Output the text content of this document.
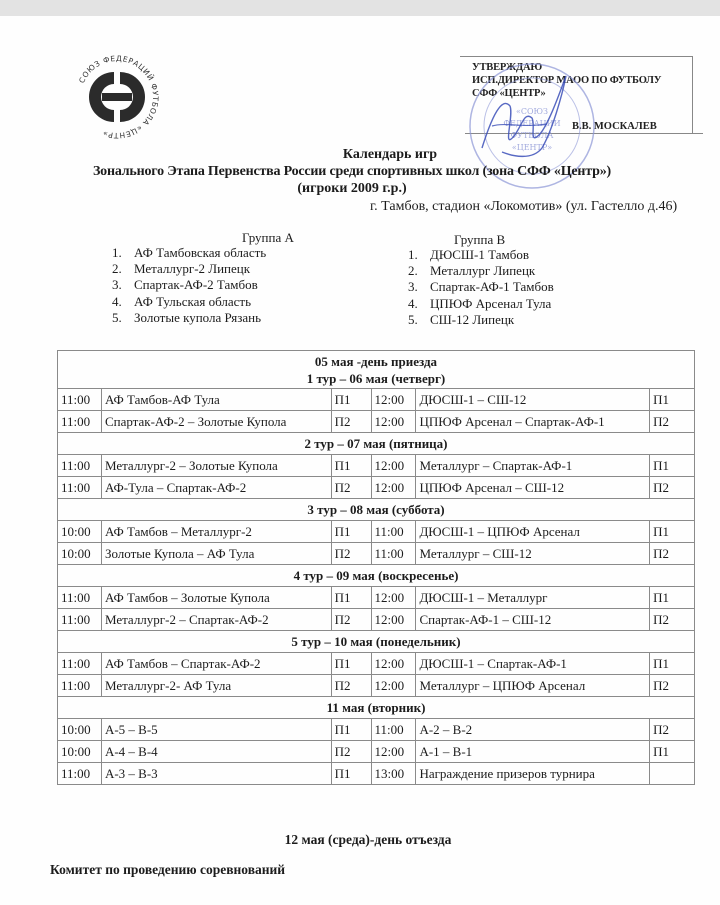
СОЮЗ ФЕДЕРАЦИЙ ФУТБОЛА «ЦЕНТР»
УТВЕРЖДАЮ
ИСП.ДИРЕКТОР МАОО ПО ФУТБОЛУ
СФФ «ЦЕНТР»
В.В. МОСКАЛЕВ
«СОЮЗ
ФЕДЕРАЦИЙ
ФУТБОЛА
«ЦЕНТР»
Календарь игр
Зонального Этапа Первенства России среди спортивных школ (зона СФФ «Центр»)
(игроки 2009 г.р.)
г. Тамбов, стадион «Локомотив» (ул. Гастелло д.46)
Группа А
1. АФ Тамбовская область
2. Металлург-2 Липецк
3. Спартак-АФ-2 Тамбов
4. АФ Тульская область
5. Золотые купола Рязань
Группа В
1. ДЮСШ-1 Тамбов
2. Металлург Липецк
3. Спартак-АФ-1 Тамбов
4. ЦПЮФ Арсенал Тула
5. СШ-12 Липецк
05 мая -день приезда
1 тур – 06 мая (четверг)					

11:00	АФ Тамбов-АФ Тула	П1	12:00	ДЮСШ-1 – СШ-12	П1
11:00	Спартак-АФ-2 – Золотые Купола	П2	12:00	ЦПЮФ Арсенал – Спартак-АФ-1	П2
2 тур – 07 мая (пятница)					
11:00	Металлург-2 – Золотые Купола	П1	12:00	Металлург – Спартак-АФ-1	П1
11:00	АФ-Тула – Спартак-АФ-2	П2	12:00	ЦПЮФ Арсенал – СШ-12	П2
3 тур – 08 мая (суббота)					
10:00	АФ Тамбов – Металлург-2	П1	11:00	ДЮСШ-1 – ЦПЮФ Арсенал	П1
10:00	Золотые Купола – АФ Тула	П2	11:00	Металлург – СШ-12	П2
4 тур – 09 мая (воскресенье)					
11:00	АФ Тамбов – Золотые Купола	П1	12:00	ДЮСШ-1 – Металлург	П1
11:00	Металлург-2 – Спартак-АФ-2	П2	12:00	Спартак-АФ-1 – СШ-12	П2
5 тур – 10 мая (понедельник)					
11:00	АФ Тамбов – Спартак-АФ-2	П1	12:00	ДЮСШ-1 – Спартак-АФ-1	П1
11:00	Металлург-2- АФ Тула	П2	12:00	Металлург – ЦПЮФ Арсенал	П2
11 мая (вторник)					
10:00	А-5 – В-5	П1	11:00	А-2 – В-2	П2
10:00	А-4 – В-4	П2	12:00	А-1 – В-1	П1
11:00	А-3 – В-3	П1	13:00	Награждение призеров турнира	
12 мая (среда)-день отъезда
Комитет по проведению соревнований
